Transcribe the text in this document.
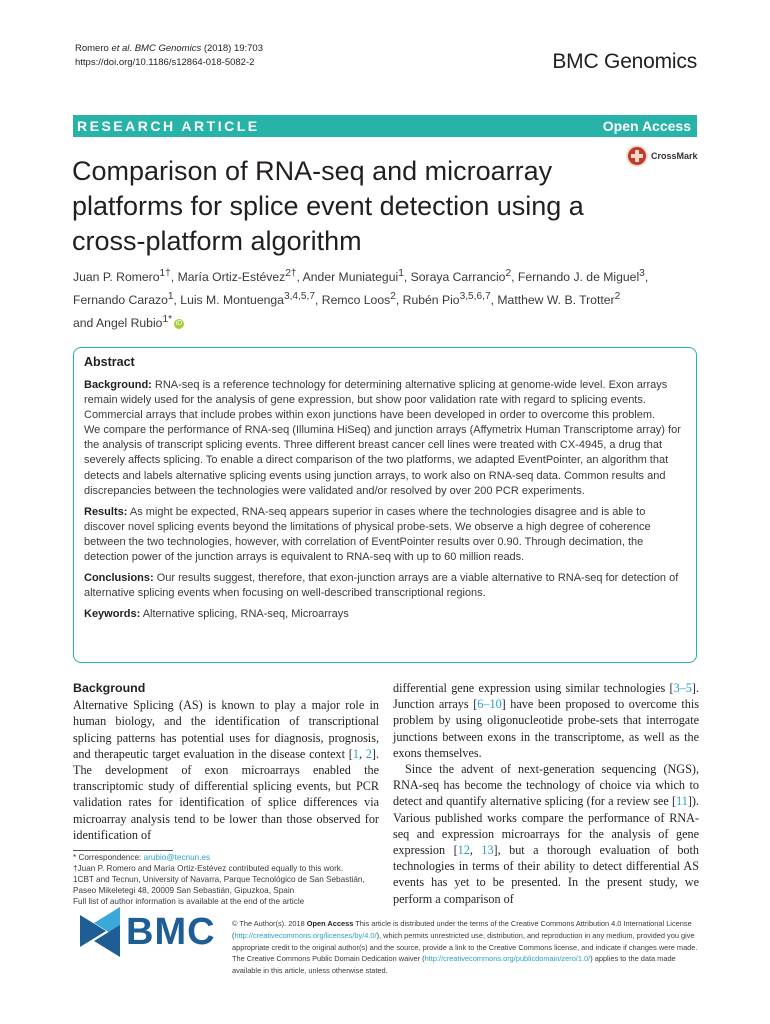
Romero et al. BMC Genomics (2018) 19:703
https://doi.org/10.1186/s12864-018-5082-2	BMC Genomics
RESEARCH ARTICLE	Open Access
Comparison of RNA-seq and microarray platforms for splice event detection using a cross-platform algorithm
CrossMark
Juan P. Romero$^{1\dagger}$, María Ortiz-Estévez$^{2\dagger}$, Ander Muniategui$^1$, Soraya Carrancio$^2$, Fernando J. de Miguel$^3$,
Fernando Carazo$^1$, Luis M. Montuenga$^{3,4,5,7}$, Remco Loos$^2$, Rubén Pio$^{3,5,6,7}$, Matthew W. B. Trotter$^2$
and Angel Rubio$^{1*}$ iD
Abstract
Background: RNA-seq is a reference technology for determining alternative splicing at genome-wide level. Exon arrays remain widely used for the analysis of gene expression, but show poor validation rate with regard to splicing events. Commercial arrays that include probes within exon junctions have been developed in order to overcome this problem.
We compare the performance of RNA-seq (Illumina HiSeq) and junction arrays (Affymetrix Human Transcriptome array) for the analysis of transcript splicing events. Three different breast cancer cell lines were treated with CX-4945, a drug that severely affects splicing. To enable a direct comparison of the two platforms, we adapted EventPointer, an algorithm that detects and labels alternative splicing events using junction arrays, to work also on RNA-seq data. Common results and discrepancies between the technologies were validated and/or resolved by over 200 PCR experiments.
Results: As might be expected, RNA-seq appears superior in cases where the technologies disagree and is able to discover novel splicing events beyond the limitations of physical probe-sets. We observe a high degree of coherence between the two technologies, however, with correlation of EventPointer results over 0.90. Through decimation, the detection power of the junction arrays is equivalent to RNA-seq with up to 60 million reads.
Conclusions: Our results suggest, therefore, that exon-junction arrays are a viable alternative to RNA-seq for detection of alternative splicing events when focusing on well-described transcriptional regions.
Keywords: Alternative splicing, RNA-seq, Microarrays
Background
Alternative Splicing (AS) is known to play a major role in human biology, and the identification of transcriptional splicing patterns has potential uses for diagnosis, prognosis, and therapeutic target evaluation in the disease context [1, 2]. The development of exon microarrays enabled the transcriptomic study of differential splicing events, but PCR validation rates for identification of splice differences via microarray analysis tend to be lower than those observed for identification of
differential gene expression using similar technologies [3–5]. Junction arrays [6–10] have been proposed to overcome this problem by using oligonucleotide probe-sets that interrogate junctions between exons in the transcriptome, as well as the exons themselves.
Since the advent of next-generation sequencing (NGS), RNA-seq has become the technology of choice via which to detect and quantify alternative splicing (for a review see [11]). Various published works compare the performance of RNA-seq and expression microarrays for the analysis of gene expression [12, 13], but a thorough evaluation of both technologies in terms of their ability to detect differential AS events has yet to be presented. In the present study, we perform a comparison of
* Correspondence: arubio@tecnun.es
†Juan P. Romero and María Ortiz-Estévez contributed equally to this work.
1CBT and Tecnun, University of Navarra, Parque Tecnológico de San Sebastián, Paseo Mikeletegi 48, 20009 San Sebastián, Gipuzkoa, Spain
Full list of author information is available at the end of the article
BMC © The Author(s). 2018 Open Access This article is distributed under the terms of the Creative Commons Attribution 4.0 International License (http://creativecommons.org/licenses/by/4.0/), which permits unrestricted use, distribution, and reproduction in any medium, provided you give appropriate credit to the original author(s) and the source, provide a link to the Creative Commons license, and indicate if changes were made. The Creative Commons Public Domain Dedication waiver (http://creativecommons.org/publicdomain/zero/1.0/) applies to the data made available in this article, unless otherwise stated.
